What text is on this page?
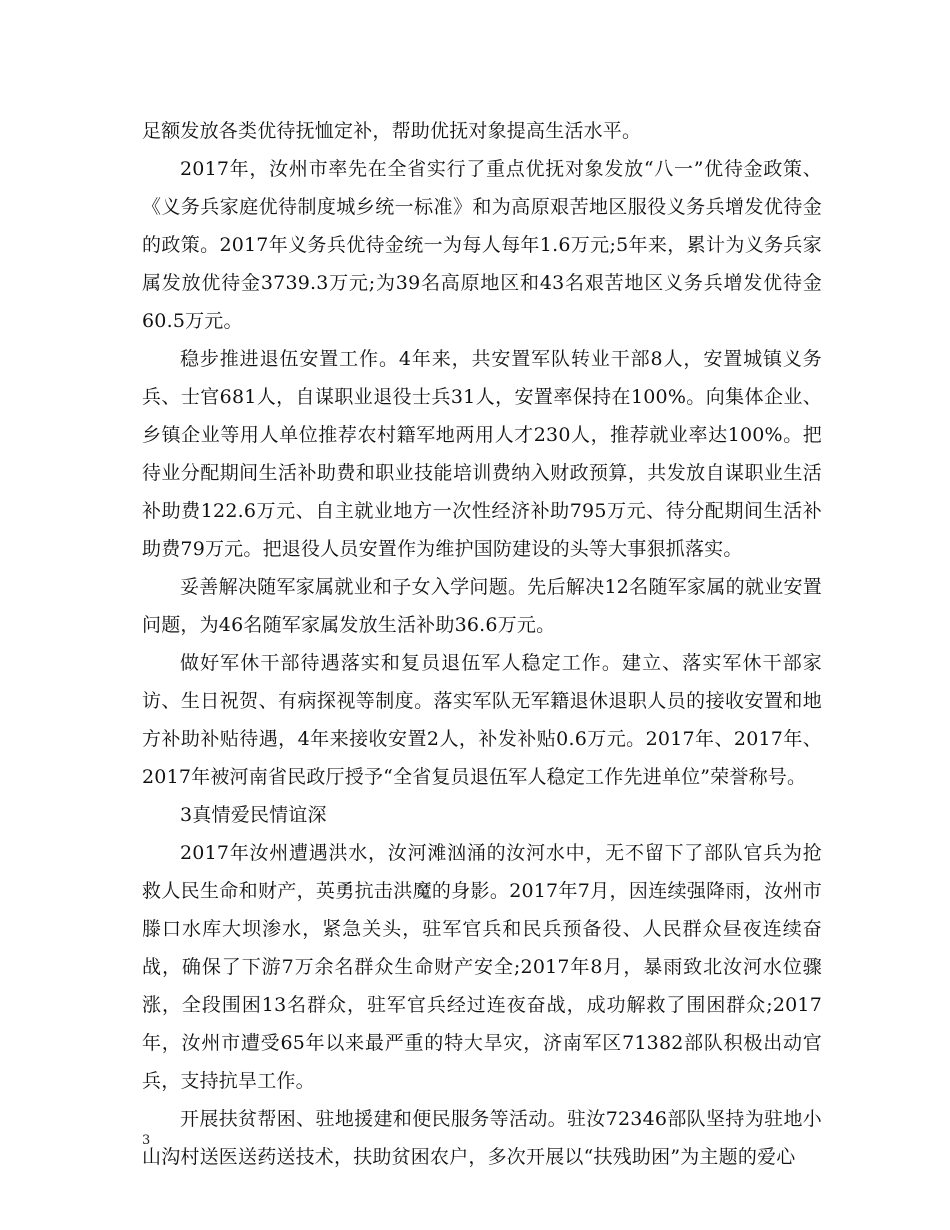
足额发放各类优待抚恤定补，帮助优抚对象提高生活水平。

2017年，汝州市率先在全省实行了重点优抚对象发放“八一”优待金政策、《义务兵家庭优待制度城乡统一标准》和为高原艰苦地区服役义务兵增发优待金的政策。2017年义务兵优待金统一为每人每年1.6万元;5年来，累计为义务兵家属发放优待金3739.3万元;为39名高原地区和43名艰苦地区义务兵增发优待金60.5万元。

稳步推进退伍安置工作。4年来，共安置军队转业干部8人，安置城镇义务兵、士官681人，自谋职业退役士兵31人，安置率保持在100%。向集体企业、乡镇企业等用人单位推荐农村籍军地两用人才230人，推荐就业率达100%。把待业分配期间生活补助费和职业技能培训费纳入财政预算，共发放自谋职业生活补助费122.6万元、自主就业地方一次性经济补助795万元、待分配期间生活补助费79万元。把退役人员安置作为维护国防建设的头等大事狠抓落实。

妥善解决随军家属就业和子女入学问题。先后解决12名随军家属的就业安置问题，为46名随军家属发放生活补助36.6万元。

做好军休干部待遇落实和复员退伍军人稳定工作。建立、落实军休干部家访、生日祝贺、有病探视等制度。落实军队无军籍退休退职人员的接收安置和地方补助补贴待遇，4年来接收安置2人，补发补贴0.6万元。2017年、2017年、2017年被河南省民政厅授予“全省复员退伍军人稳定工作先进单位”荣誉称号。

3真情爱民情谊深

2017年汝州遭遇洪水，汝河滩汹涌的汝河水中，无不留下了部队官兵为抢救人民生命和财产，英勇抗击洪魔的身影。2017年7月，因连续强降雨，汝州市滕口水库大坝渗水，紧急关头，驻军官兵和民兵预备役、人民群众昼夜连续奋战，确保了下游7万余名群众生命财产安全;2017年8月，暴雨致北汝河水位骤涨，全段围困13名群众，驻军官兵经过连夜奋战，成功解救了围困群众;2017年，汝州市遭受65年以来最严重的特大旱灾，济南军区71382部队积极出动官兵，支持抗旱工作。

开展扶贫帮困、驻地援建和便民服务等活动。驻汝72346部队坚持为驻地小山沟村送医送药送技术，扶助贫困农户，多次开展以“扶残助困”为主题的爱心

3
